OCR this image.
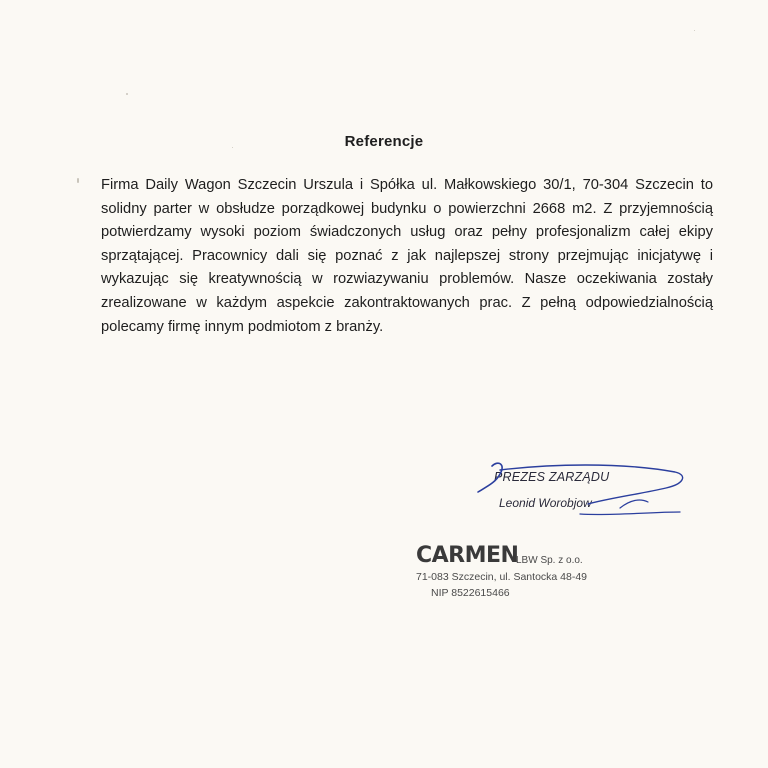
Referencje
Firma Daily Wagon Szczecin Urszula i Spółka ul. Małkowskiego 30/1, 70-304 Szczecin to solidny parter w obsłudze porządkowej budynku o powierzchni 2668 m2. Z przyjemnością potwierdzamy wysoki poziom świadczonych usług oraz pełny profesjonalizm całej ekipy sprzątającej. Pracownicy dali się poznać z jak najlepszej strony przejmując inicjatywę i wykazując się kreatywnością w rozwiazywaniu problemów. Nasze oczekiwania zostały zrealizowane w każdym aspekcie zakontraktowanych prac. Z pełną odpowiedzialnością polecamy firmę innym podmiotom z branży.
PREZES ZARZĄDU
Leonid Worobjow
CARMEN
LBW Sp. z o.o.
71-083 Szczecin, ul. Santocka 48-49
NIP 8522615466
